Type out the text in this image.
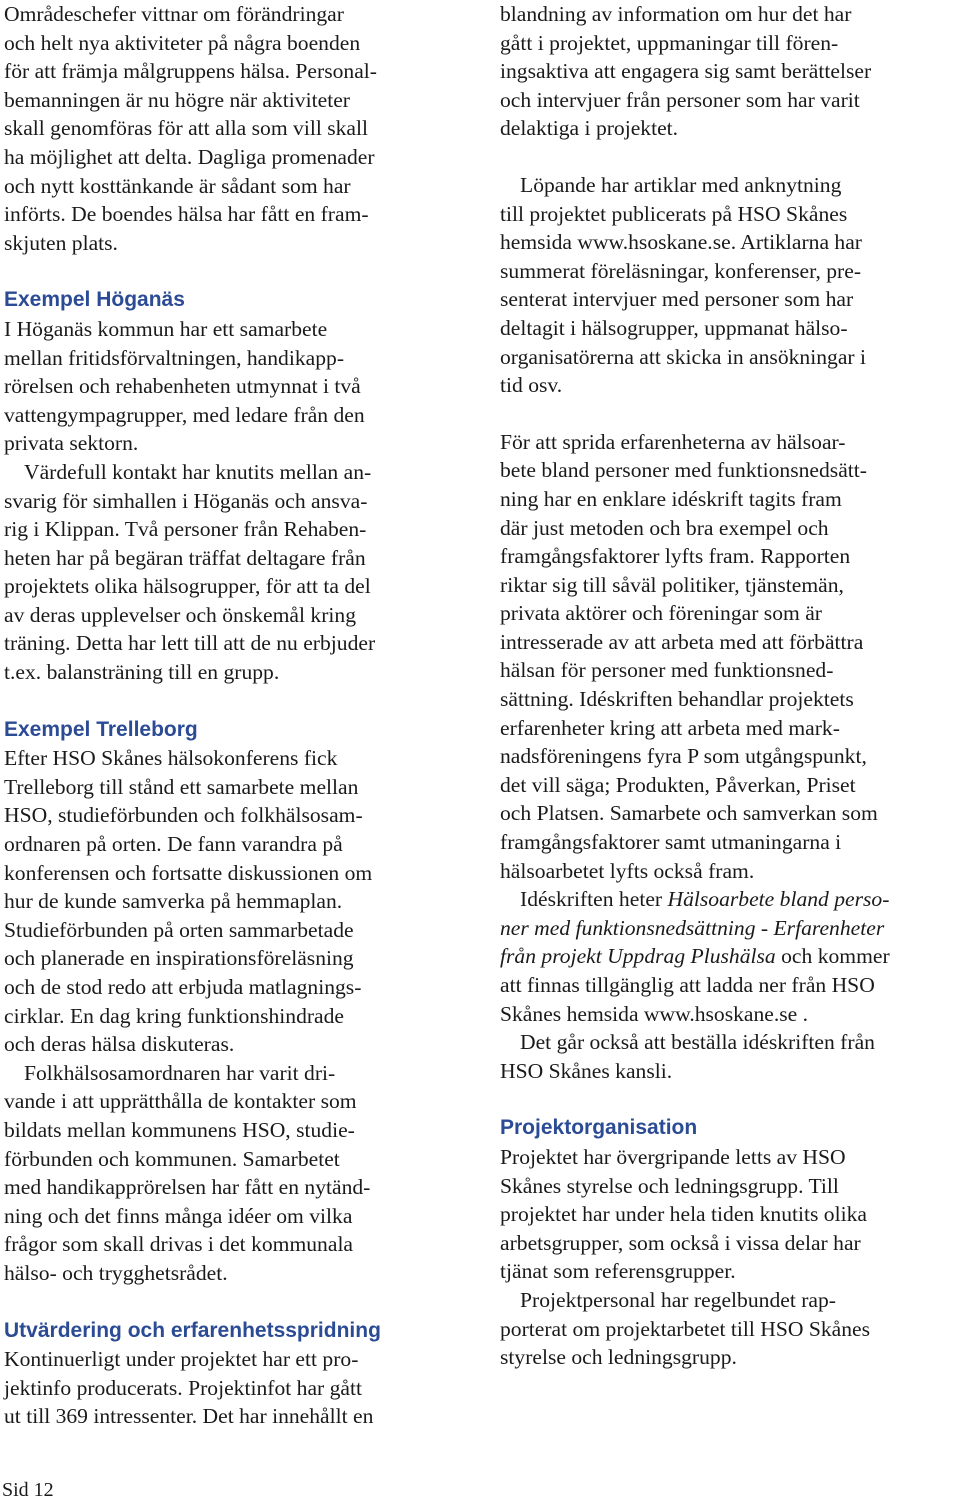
Områdeschefer vittnar om förändringar
och helt nya aktiviteter på några boenden
för att främja målgruppens hälsa. Personal-
bemanningen är nu högre när aktiviteter
skall genomföras för att alla som vill skall
ha möjlighet att delta. Dagliga promenader
och nytt kosttänkande är sådant som har
införts. De boendes hälsa har fått en fram-
skjuten plats.

Exempel Höganäs

I Höganäs kommun har ett samarbete
mellan fritidsförvaltningen, handikapp-
rörelsen och rehabenheten utmynnat i två
vattengympagrupper, med ledare från den
privata sektorn.

Värdefull kontakt har knutits mellan an-
svarig för simhallen i Höganäs och ansva-
rig i Klippan. Två personer från Rehaben-
heten har på begäran träffat deltagare från
projektets olika hälsogrupper, för att ta del
av deras upplevelser och önskemål kring
träning. Detta har lett till att de nu erbjuder
t.ex. balansträning till en grupp.

Exempel Trelleborg

Efter HSO Skånes hälsokonferens fick
Trelleborg till stånd ett samarbete mellan
HSO, studieförbunden och folkhälsosam-
ordnaren på orten. De fann varandra på
konferensen och fortsatte diskussionen om
hur de kunde samverka på hemmaplan.
Studieförbunden på orten sammarbetade
och planerade en inspirationsföreläsning
och de stod redo att erbjuda matlagnings-
cirklar. En dag kring funktionshindrade
och deras hälsa diskuteras.

Folkhälsosamordnaren har varit dri-
vande i att upprätthålla de kontakter som
bildats mellan kommunens HSO, studie-
förbunden och kommunen. Samarbetet
med handikapprörelsen har fått en nytänd-
ning och det finns många idéer om vilka
frågor som skall drivas i det kommunala
hälso- och trygghetsrådet.

Utvärdering och erfarenhetsspridning

Kontinuerligt under projektet har ett pro-
jektinfo producerats. Projektinfot har gått
ut till 369 intressenter. Det har innehållt en

blandning av information om hur det har
gått i projektet, uppmaningar till fören-
ingsaktiva att engagera sig samt berättelser
och intervjuer från personer som har varit
delaktiga i projektet.

Löpande har artiklar med anknytning
till projektet publicerats på HSO Skånes
hemsida www.hsoskane.se. Artiklarna har
summerat föreläsningar, konferenser, pre-
senterat intervjuer med personer som har
deltagit i hälsogrupper, uppmanat hälso-
organisatörerna att skicka in ansökningar i
tid osv.

För att sprida erfarenheterna av hälsoar-
bete bland personer med funktionsnedsätt-
ning har en enklare idéskrift tagits fram
där just metoden och bra exempel och
framgångsfaktorer lyfts fram. Rapporten
riktar sig till såväl politiker, tjänstemän,
privata aktörer och föreningar som är
intresserade av att arbeta med att förbättra
hälsan för personer med funktionsned-
sättning. Idéskriften behandlar projektets
erfarenheter kring att arbeta med mark-
nadsföreningens fyra P som utgångspunkt,
det vill säga; Produkten, Påverkan, Priset
och Platsen. Samarbete och samverkan som
framgångsfaktorer samt utmaningarna i
hälsoarbetet lyfts också fram.

Idéskriften heter Hälsoarbete bland perso-
ner med funktionsnedsättning - Erfarenheter
från projekt Uppdrag Plushälsa och kommer
att finnas tillgänglig att ladda ner från HSO
Skånes hemsida www.hsoskane.se .

Det går också att beställa idéskriften från
HSO Skånes kansli.

Projektorganisation

Projektet har övergripande letts av HSO
Skånes styrelse och ledningsgrupp. Till
projektet har under hela tiden knutits olika
arbetsgrupper, som också i vissa delar har
tjänat som referensgrupper.

Projektpersonal har regelbundet rap-
porterat om projektarbetet till HSO Skånes
styrelse och ledningsgrupp.

Sid 12
